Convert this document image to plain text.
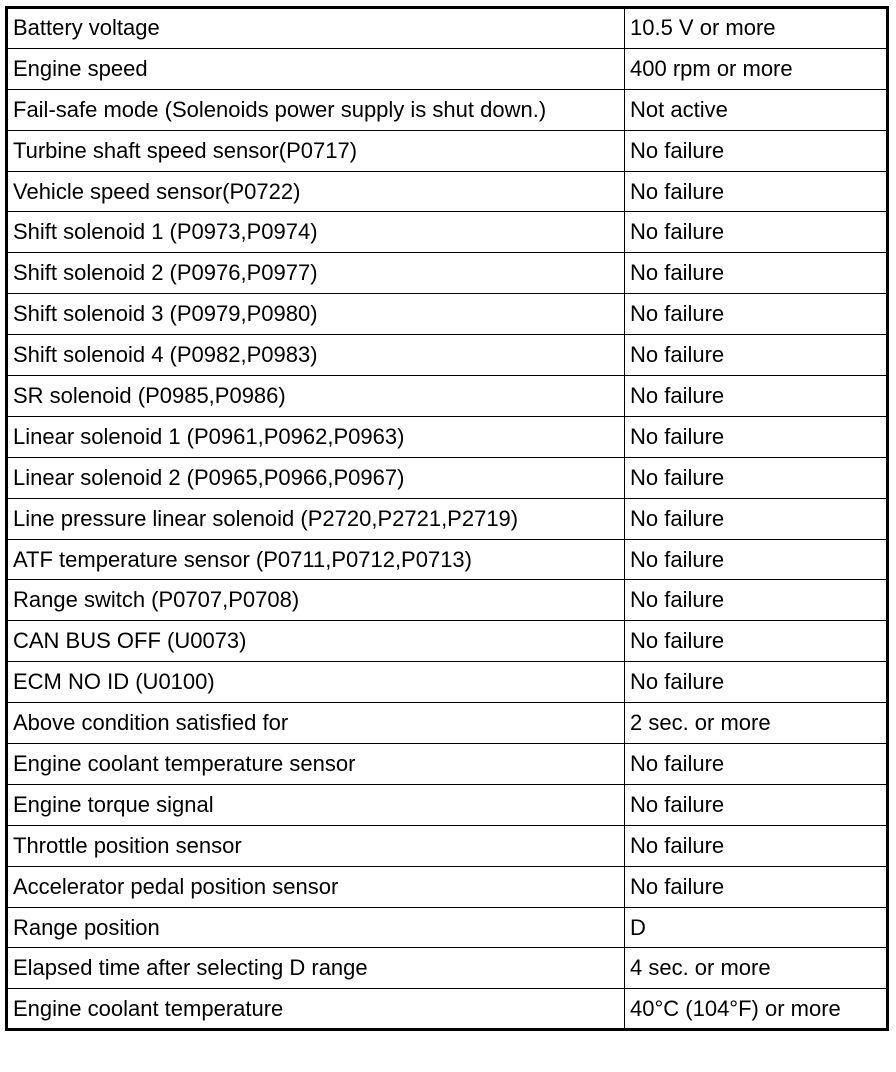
Battery voltage	10.5 V or more
Engine speed	400 rpm or more
Fail-safe mode (Solenoids power supply is shut down.)	Not active
Turbine shaft speed sensor(P0717)	No failure
Vehicle speed sensor(P0722)	No failure
Shift solenoid 1 (P0973,P0974)	No failure
Shift solenoid 2 (P0976,P0977)	No failure
Shift solenoid 3 (P0979,P0980)	No failure
Shift solenoid 4 (P0982,P0983)	No failure
SR solenoid (P0985,P0986)	No failure
Linear solenoid 1 (P0961,P0962,P0963)	No failure
Linear solenoid 2 (P0965,P0966,P0967)	No failure
Line pressure linear solenoid (P2720,P2721,P2719)	No failure
ATF temperature sensor (P0711,P0712,P0713)	No failure
Range switch (P0707,P0708)	No failure
CAN BUS OFF (U0073)	No failure
ECM NO ID (U0100)	No failure
Above condition satisfied for	2 sec. or more
Engine coolant temperature sensor	No failure
Engine torque signal	No failure
Throttle position sensor	No failure
Accelerator pedal position sensor	No failure
Range position	D
Elapsed time after selecting D range	4 sec. or more
Engine coolant temperature	40°C (104°F) or more
